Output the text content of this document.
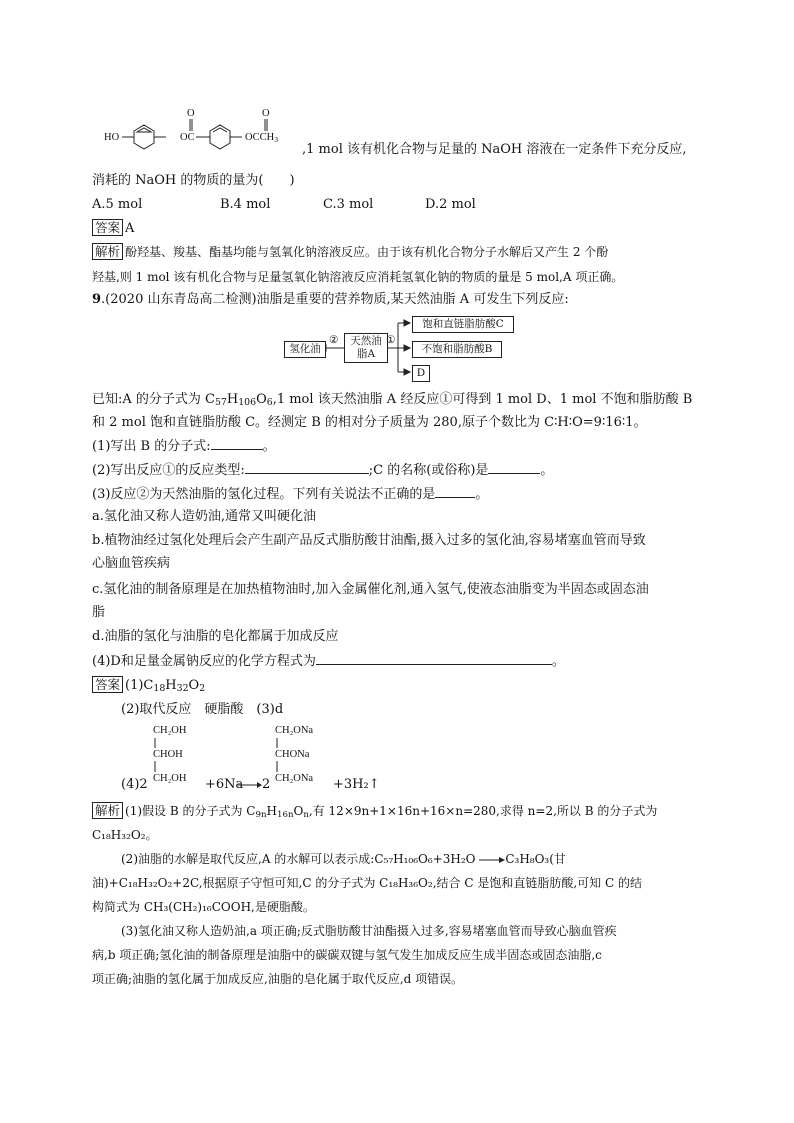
HO
O
OC
O
$OCCH_3$
,1 mol 该有机化合物与足量的 NaOH 溶液在一定条件下充分反应,
消耗的 NaOH 的物质的量为(　　)
A.5 mol	B.4 mol	C.3 mol	D.2 mol
答案 A
解析 酚羟基、羧基、酯基均能与氢氧化钠溶液反应。由于该有机化合物分子水解后又产生 2 个酚
羟基,则 1 mol 该有机化合物与足量氢氧化钠溶液反应消耗氢氧化钠的物质的量是 5 mol,A 项正确。
9.(2020 山东青岛高二检测)油脂是重要的营养物质,某天然油脂 A 可发生下列反应:
氢化油
② 天然油
脂A
①
饱和直链脂肪酸C
不饱和脂肪酸B
D
已知:A 的分子式为 $C_{57}H_{106}O_6,1$ mol 该天然油脂 A 经反应①可得到 1 mol D、1 mol 不饱和脂肪酸 B
和 2 mol 饱和直链脂肪酸 C。经测定 B 的相对分子质量为 280,原子个数比为 C∶H∶O=9∶16∶1。
(1)写出 B 的分子式:	。
(2)写出反应①的反应类型:	;C 的名称(或俗称)是	。
(3)反应②为天然油脂的氢化过程。下列有关说法不正确的是	。
a.氢化油又称人造奶油,通常又叫硬化油
b.植物油经过氢化处理后会产生副产品反式脂肪酸甘油酯,摄入过多的氢化油,容易堵塞血管而导致
心脑血管疾病
c.氢化油的制备原理是在加热植物油时,加入金属催化剂,通入氢气,使液态油脂变为半固态或固态油
脂
d.油脂的氢化与油脂的皂化都属于加成反应
(4)D和足量金属钠反应的化学方程式为	。
答案 $(1)C_{18}H_{32}O_2$
(2)取代反应　硬脂酸　(3)d
CH₂OH
CHOH
CH₂OH
CH₂ONa
CHONa
CH₂ONa
(4)2	+6Na → 2	+3H₂↑
解析 (1)假设 B 的分子式为 $C_{9n}H_{16n}O_n$,有 12×9n+1×16n+16×n=280,求得 n=2,所以 B 的分子式为
C₁₈H₃₂O₂。
(2)油脂的水解是取代反应,A 的水解可以表示成:C₅₇H₁₀₆O₆+3H₂O C₃H₈O₃(甘
油)+C₁₈H₃₂O₂+2C,根据原子守恒可知,C 的分子式为 C₁₈H₃₆O₂,结合 C 是饱和直链脂肪酸,可知 C 的结
构简式为 CH₃(CH₂)₁₆COOH,是硬脂酸。
(3)氢化油又称人造奶油,a 项正确;反式脂肪酸甘油酯摄入过多,容易堵塞血管而导致心脑血管疾
病,b 项正确;氢化油的制备原理是油脂中的碳碳双键与氢气发生加成反应生成半固态或固态油脂,c
项正确;油脂的氢化属于加成反应,油脂的皂化属于取代反应,d 项错误。
